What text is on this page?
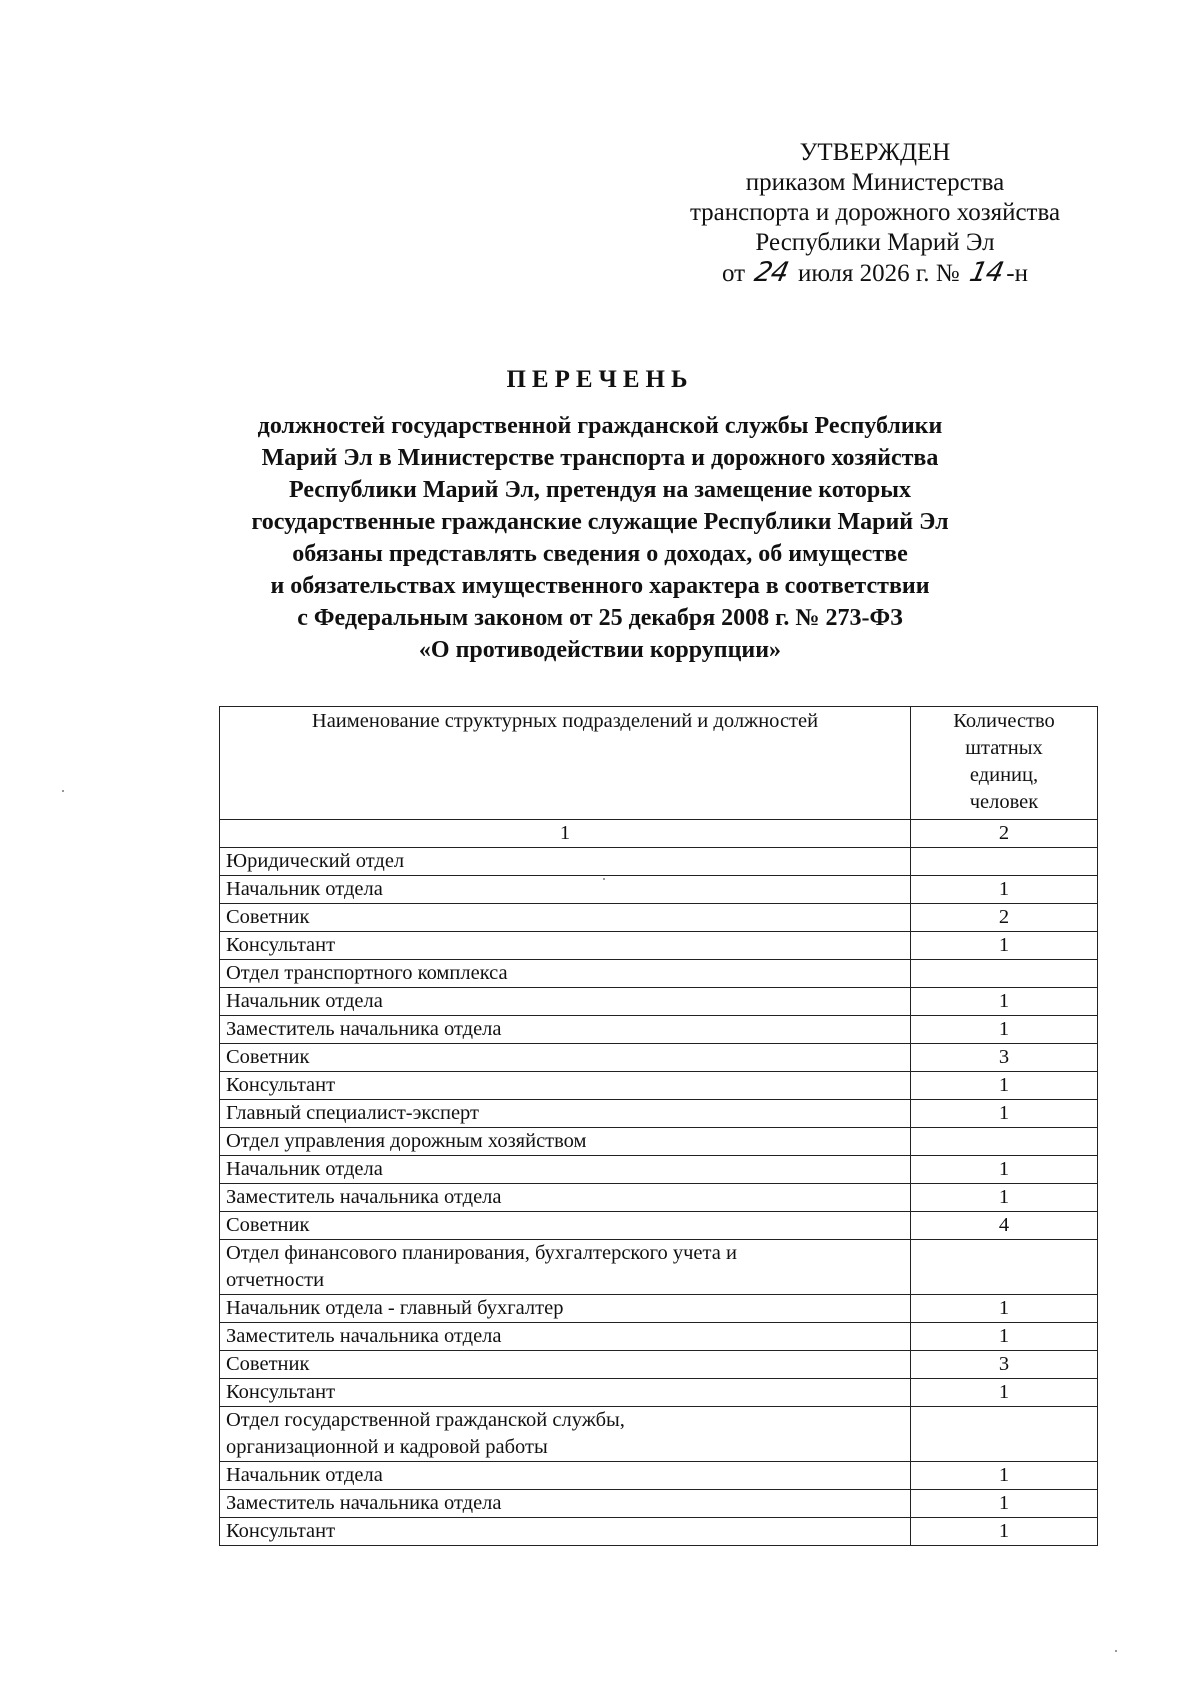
УТВЕРЖДЕН
приказом Министерства
транспорта и дорожного хозяйства
Республики Марий Эл
от 24 июля 2026 г. № 14-н
ПЕРЕЧЕНЬ
должностей государственной гражданской службы Республики
Марий Эл в Министерстве транспорта и дорожного хозяйства
Республики Марий Эл, претендуя на замещение которых
государственные гражданские служащие Республики Марий Эл
обязаны представлять сведения о доходах, об имуществе
и обязательствах имущественного характера в соответствии
с Федеральным законом от 25 декабря 2008 г. № 273-ФЗ
«О противодействии коррупции»
Наименование структурных подразделений и должностей	Количество
штатных
единиц,
человек

1	2
Юридический отдел	
Начальник отдела	1
Советник	2
Консультант	1
Отдел транспортного комплекса	
Начальник отдела	1
Заместитель начальника отдела	1
Советник	3
Консультант	1
Главный специалист-эксперт	1
Отдел управления дорожным хозяйством	
Начальник отдела	1
Заместитель начальника отдела	1
Советник	4

Отдел финансового планирования, бухгалтерского учета и
отчетности	

Начальник отдела - главный бухгалтер	1
Заместитель начальника отдела	1
Советник	3
Консультант	1

Отдел государственной гражданской службы,
организационной и кадровой работы	

Начальник отдела	1
Заместитель начальника отдела	1
Консультант	1
